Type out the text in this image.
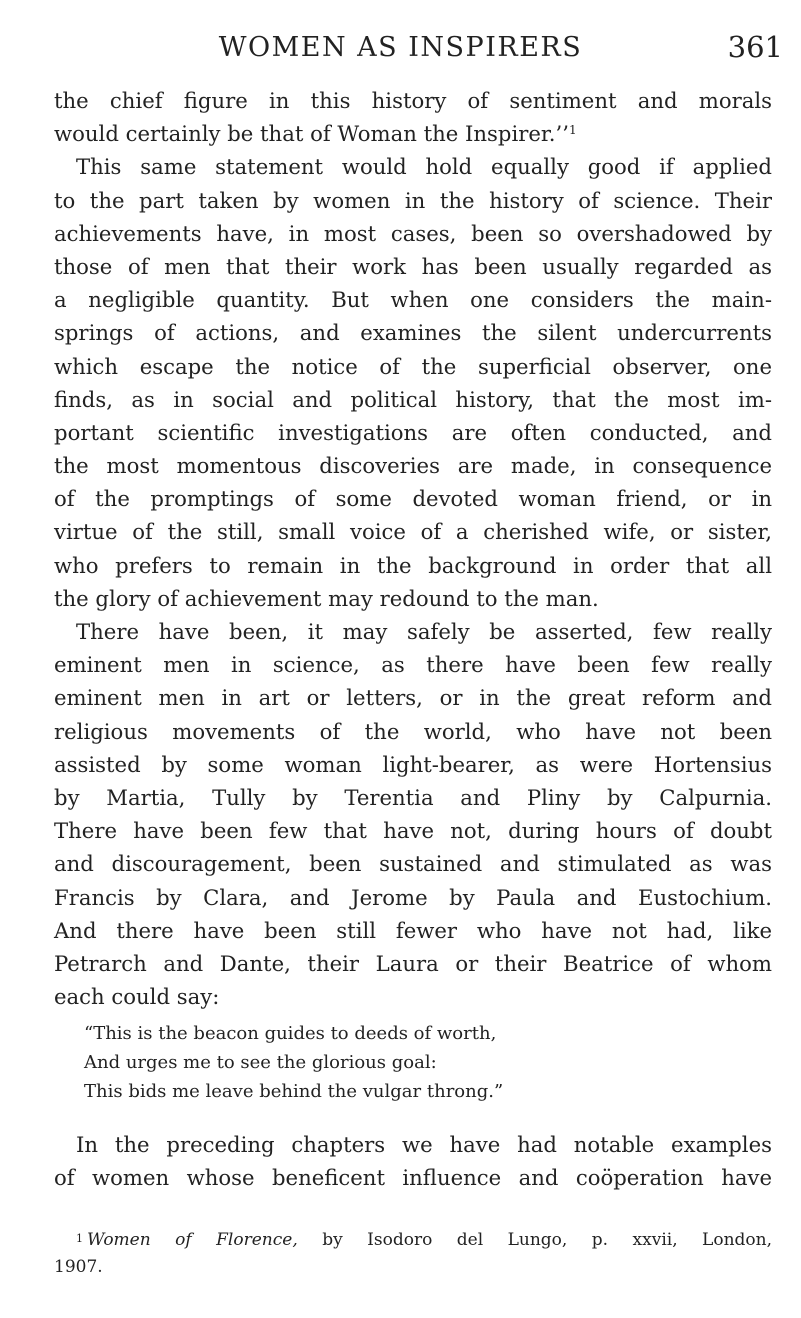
WOMEN AS INSPIRERS	361
the chief figure in this history of sentiment and morals
would certainly be that of Woman the Inspirer.’’$^1$
This same statement would hold equally good if applied
to the part taken by women in the history of science. Their
achievements have, in most cases, been so overshadowed by
those of men that their work has been usually regarded as
a negligible quantity. But when one considers the main-
springs of actions, and examines the silent undercurrents
which escape the notice of the superficial observer, one
finds, as in social and political history, that the most im-
portant scientific investigations are often conducted, and
the most momentous discoveries are made, in consequence
of the promptings of some devoted woman friend, or in
virtue of the still, small voice of a cherished wife, or sister,
who prefers to remain in the background in order that all
the glory of achievement may redound to the man.
There have been, it may safely be asserted, few really
eminent men in science, as there have been few really
eminent men in art or letters, or in the great reform and
religious movements of the world, who have not been
assisted by some woman light-bearer, as were Hortensius
by Martia, Tully by Terentia and Pliny by Calpurnia.
There have been few that have not, during hours of doubt
and discouragement, been sustained and stimulated as was
Francis by Clara, and Jerome by Paula and Eustochium.
And there have been still fewer who have not had, like
Petrarch and Dante, their Laura or their Beatrice of whom
each could say:
“This is the beacon guides to deeds of worth,
And urges me to see the glorious goal:
This bids me leave behind the vulgar throng.”
In the preceding chapters we have had notable examples
of women whose beneficent influence and coöperation have
$^1$ Women of Florence, by Isodoro del Lungo, p. xxvii, London,
1907.
